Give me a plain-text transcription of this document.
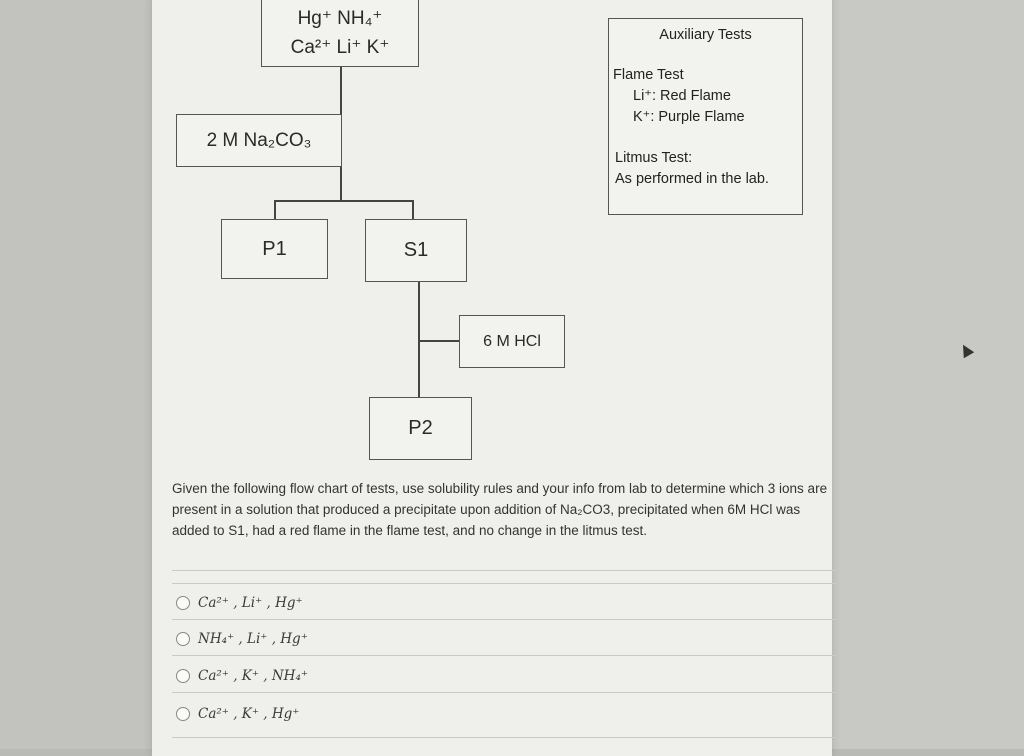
Hg⁺ NH₄⁺
Ca²⁺ Li⁺ K⁺
2 M Na₂CO₃
P1	S1
6 M HCl
P2
Auxiliary Tests
Flame Test
Li⁺: Red Flame
K⁺: Purple Flame
Litmus Test:
As performed in the lab.
Given the following flow chart of tests, use solubility rules and your info from lab to determine which 3 ions are present in a solution that produced a precipitate upon addition of Na₂CO3, precipitated when 6M HCl was added to S1, had a red flame in the flame test, and no change in the litmus test.
Ca²⁺ , Li⁺ , Hg⁺
NH₄⁺ , Li⁺ , Hg⁺
Ca²⁺ , K⁺ , NH₄⁺
Ca²⁺ , K⁺ , Hg⁺
